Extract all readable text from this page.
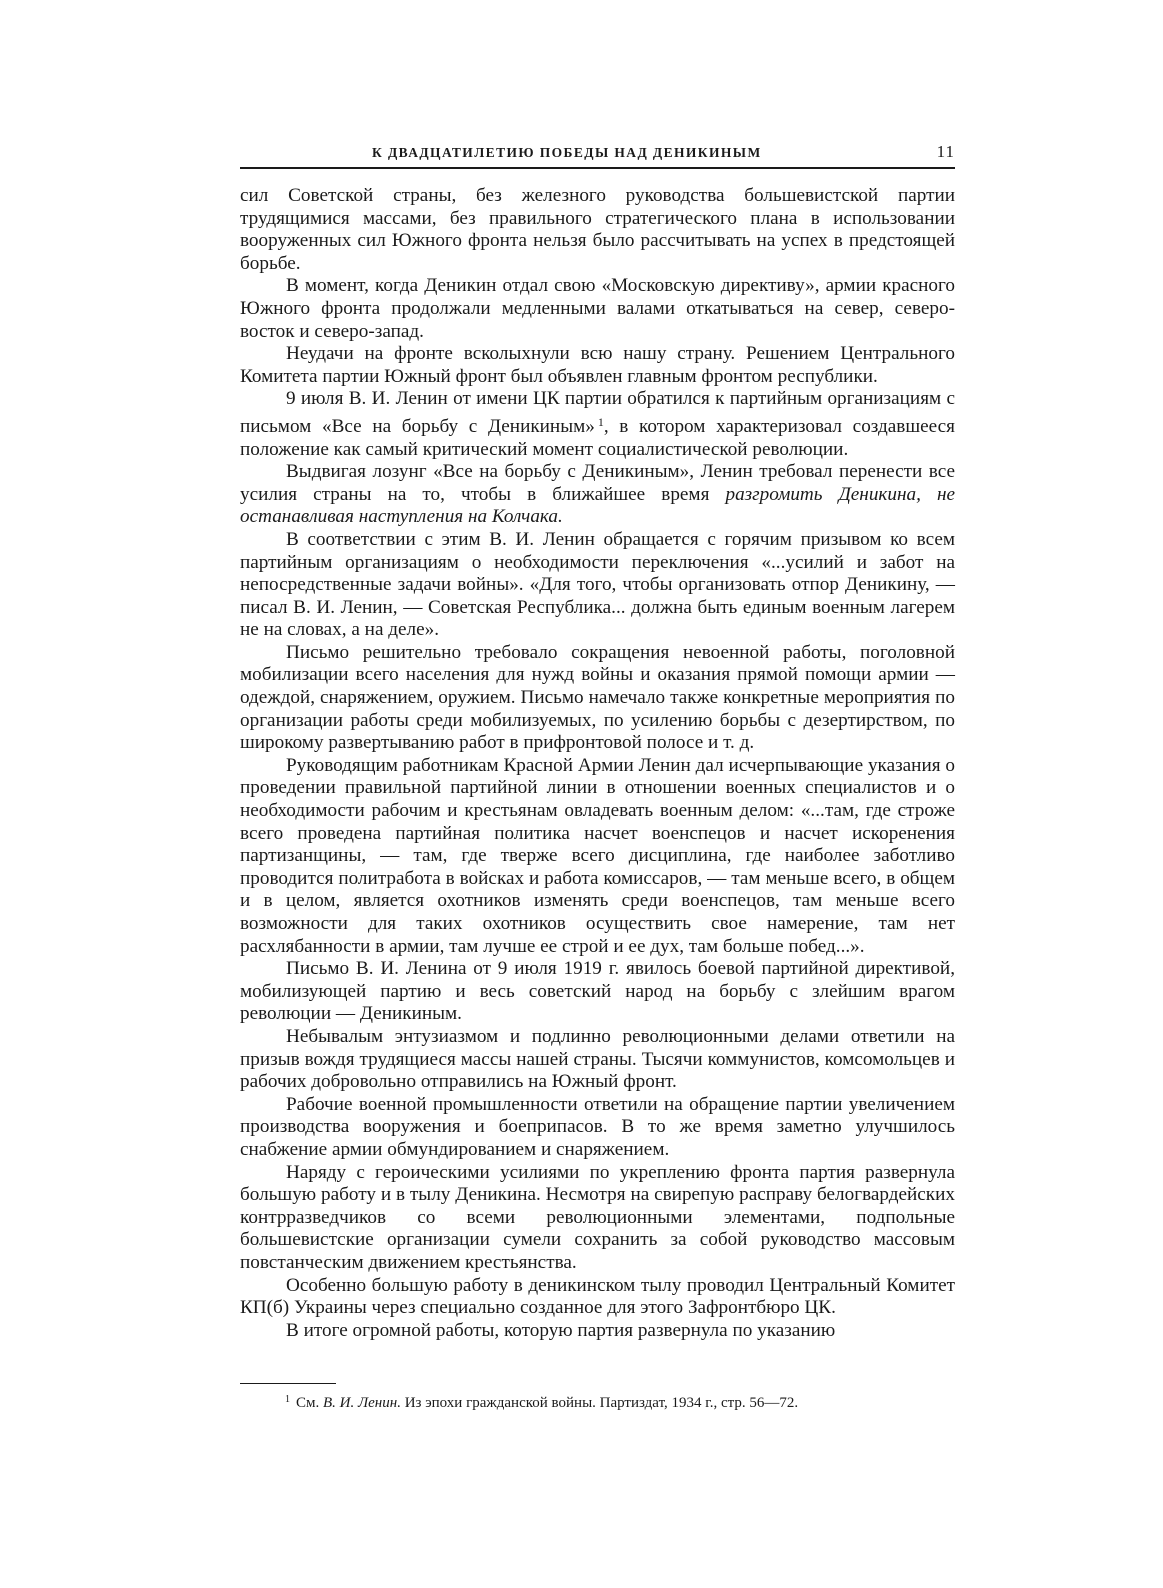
К ДВАДЦАТИЛЕТИЮ ПОБЕДЫ НАД ДЕНИКИНЫМ	11

сил Советской страны, без железного руководства большевистской партии трудящимися массами, без правильного стратегического плана в использовании вооруженных сил Южного фронта нельзя было рассчитывать на успех в предстоящей борьбе.

В момент, когда Деникин отдал свою «Московскую директиву», армии красного Южного фронта продолжали медленными валами откатываться на север, северо-восток и северо-запад.

Неудачи на фронте всколыхнули всю нашу страну. Решением Центрального Комитета партии Южный фронт был объявлен главным фронтом республики.

9 июля В. И. Ленин от имени ЦК партии обратился к партийным организациям с письмом «Все на борьбу с Деникиным» $^1$, в котором характеризовал создавшееся положение как самый критический момент социалистической революции.

Выдвигая лозунг «Все на борьбу с Деникиным», Ленин требовал перенести все усилия страны на то, чтобы в ближайшее время разгромить Деникина, не останавливая наступления на Колчака.

В соответствии с этим В. И. Ленин обращается с горячим призывом ко всем партийным организациям о необходимости переключения «...усилий и забот на непосредственные задачи войны». «Для того, чтобы организовать отпор Деникину, — писал В. И. Ленин, — Советская Республика... должна быть единым военным лагерем не на словах, а на деле».

Письмо решительно требовало сокращения невоенной работы, поголовной мобилизации всего населения для нужд войны и оказания прямой помощи армии — одеждой, снаряжением, оружием. Письмо намечало также конкретные мероприятия по организации работы среди мобилизуемых, по усилению борьбы с дезертирством, по широкому развертыванию работ в прифронтовой полосе и т. д.

Руководящим работникам Красной Армии Ленин дал исчерпывающие указания о проведении правильной партийной линии в отношении военных специалистов и о необходимости рабочим и крестьянам овладевать военным делом: «...там, где строже всего проведена партийная политика насчет военспецов и насчет искоренения партизанщины, — там, где тверже всего дисциплина, где наиболее заботливо проводится политработа в войсках и работа комиссаров, — там меньше всего, в общем и в целом, является охотников изменять среди военспецов, там меньше всего возможности для таких охотников осуществить свое намерение, там нет расхлябанности в армии, там лучше ее строй и ее дух, там больше побед...».

Письмо В. И. Ленина от 9 июля 1919 г. явилось боевой партийной директивой, мобилизующей партию и весь советский народ на борьбу с злейшим врагом революции — Деникиным.

Небывалым энтузиазмом и подлинно революционными делами ответили на призыв вождя трудящиеся массы нашей страны. Тысячи коммунистов, комсомольцев и рабочих добровольно отправились на Южный фронт.

Рабочие военной промышленности ответили на обращение партии увеличением производства вооружения и боеприпасов. В то же время заметно улучшилось снабжение армии обмундированием и снаряжением.

Наряду с героическими усилиями по укреплению фронта партия развернула большую работу и в тылу Деникина. Несмотря на свирепую расправу белогвардейских контрразведчиков со всеми революционными элементами, подпольные большевистские организации сумели сохранить за собой руководство массовым повстанческим движением крестьянства.

Особенно большую работу в деникинском тылу проводил Центральный Комитет КП(б) Украины через специально созданное для этого Зафронтбюро ЦК.

В итоге огромной работы, которую партия развернула по указанию

$^1$ См. В. И. Ленин. Из эпохи гражданской войны. Партиздат, 1934 г., стр. 56—72.
